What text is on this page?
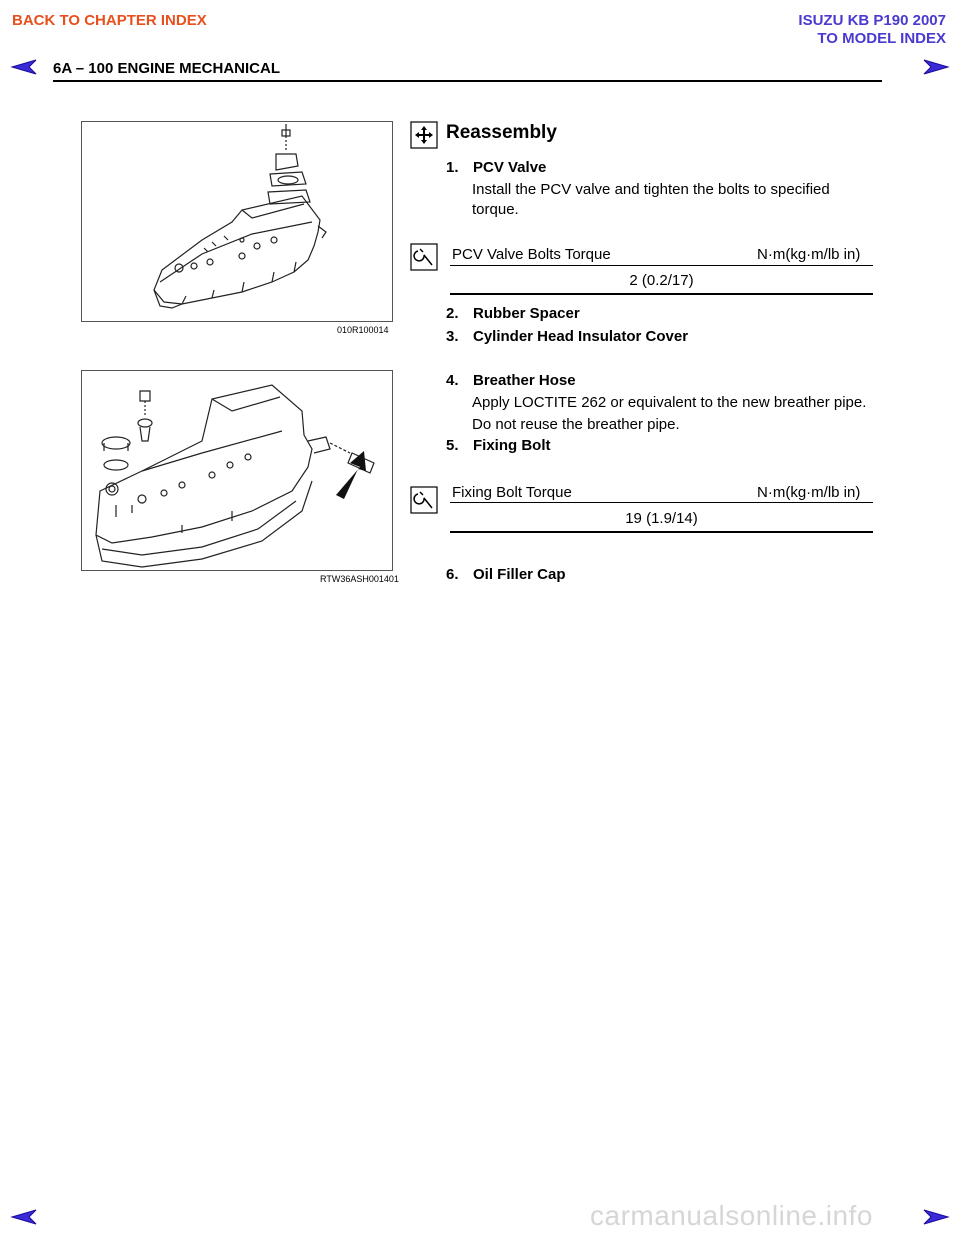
BACK TO CHAPTER INDEX	ISUZU KB P190 2007
TO MODEL INDEX
6A – 100 ENGINE MECHANICAL
010R100014
RTW36ASH001401
Reassembly
1. PCV Valve
Install the PCV valve and tighten the bolts to specified
torque.
PCV Valve Bolts Torque	N·m(kg·m/lb in)
2 (0.2/17)
2. Rubber Spacer
3. Cylinder Head Insulator Cover
4. Breather Hose
Apply LOCTITE 262 or equivalent to the new breather pipe.
Do not reuse the breather pipe.
5. Fixing Bolt
Fixing Bolt Torque	N·m(kg·m/lb in)
19 (1.9/14)
6. Oil Filler Cap
carmanualsonline.info
